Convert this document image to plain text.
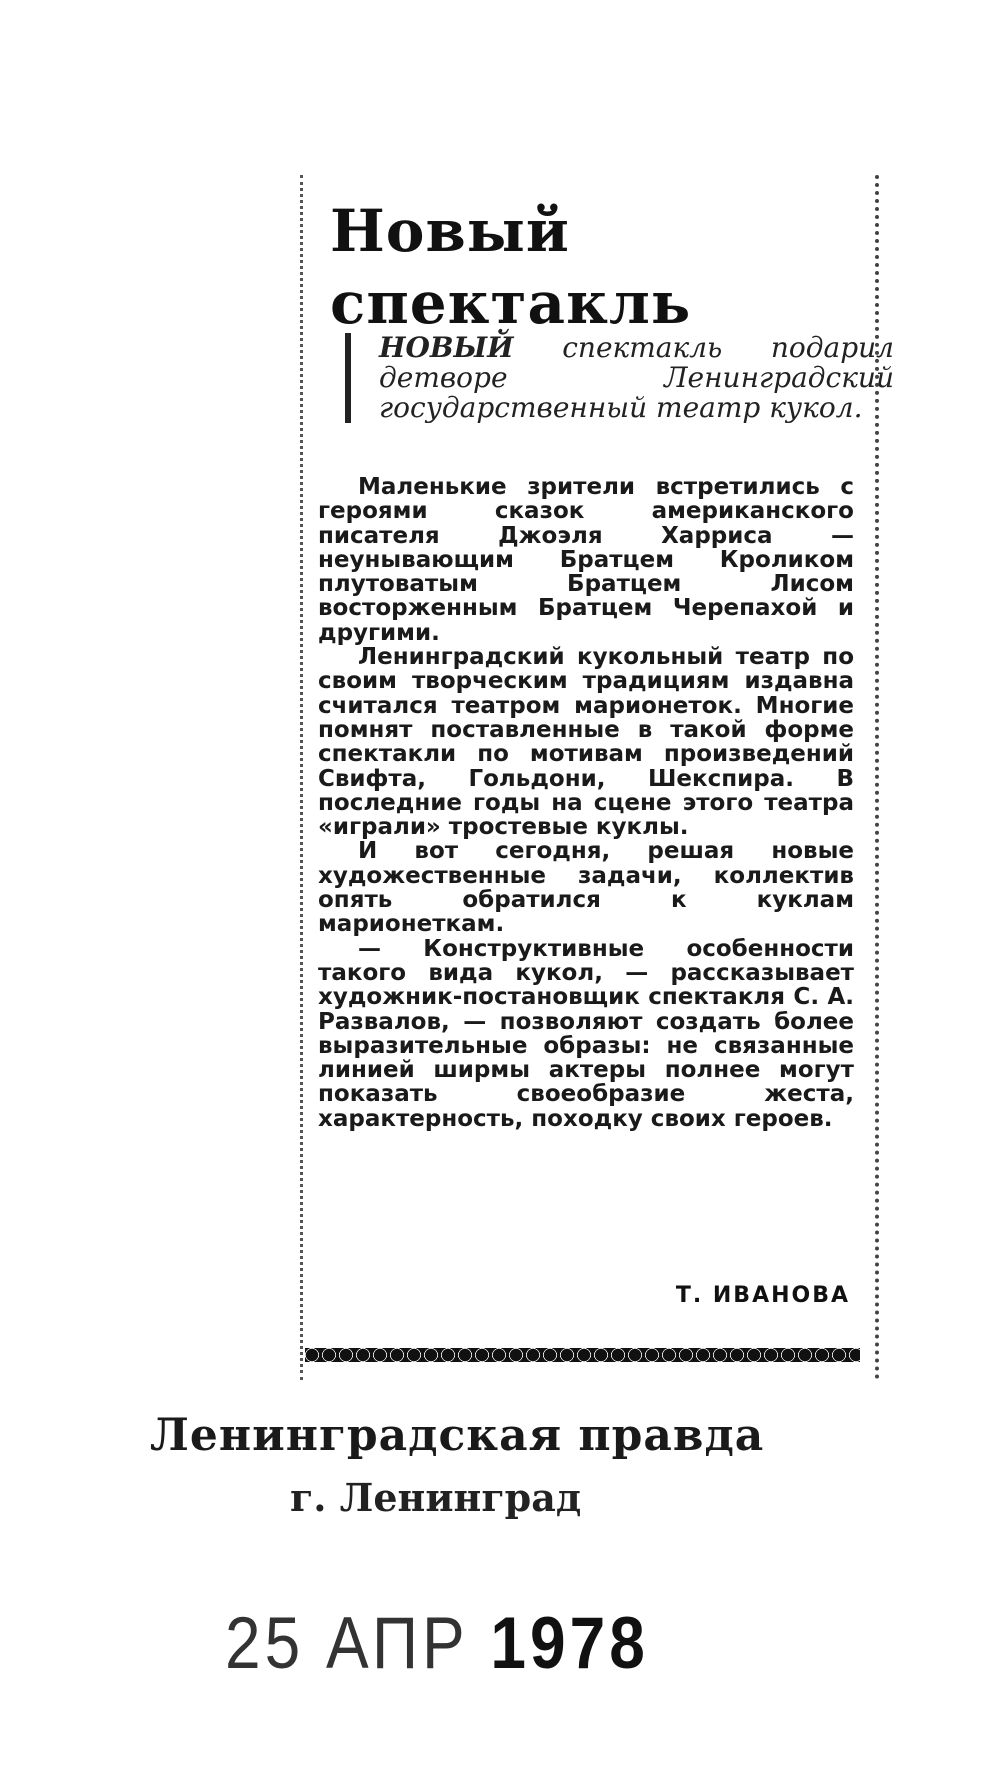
Новый
спектакль
НОВЫЙ спектакль подарил детворе Ленинградский государственный театр кукол.

Маленькие зрители встретились с героями сказок американского писателя Джоэля Харриса — неунывающим Братцем Кроликом плутоватым Братцем Лисом восторженным Братцем Черепахой и другими.

Ленинградский кукольный театр по своим творческим традициям издавна считался театром марионеток. Многие помнят поставленные в такой форме спектакли по мотивам произведений Свифта, Гольдони, Шекспира. В последние годы на сцене этого театра «играли» тростевые куклы.

И вот сегодня, решая новые художественные задачи, коллектив опять обратился к куклам марионеткам.

— Конструктивные особенности такого вида кукол, — рассказывает художник-постановщик спектакля С. А. Развалов, — позволяют создать более выразительные образы: не связанные линией ширмы актеры полнее могут показать своеобразие жеста, характерность, походку своих героев.

Т. ИВАНОВА
Ленинградская правда
г. Ленинград
25 АПР 1978
